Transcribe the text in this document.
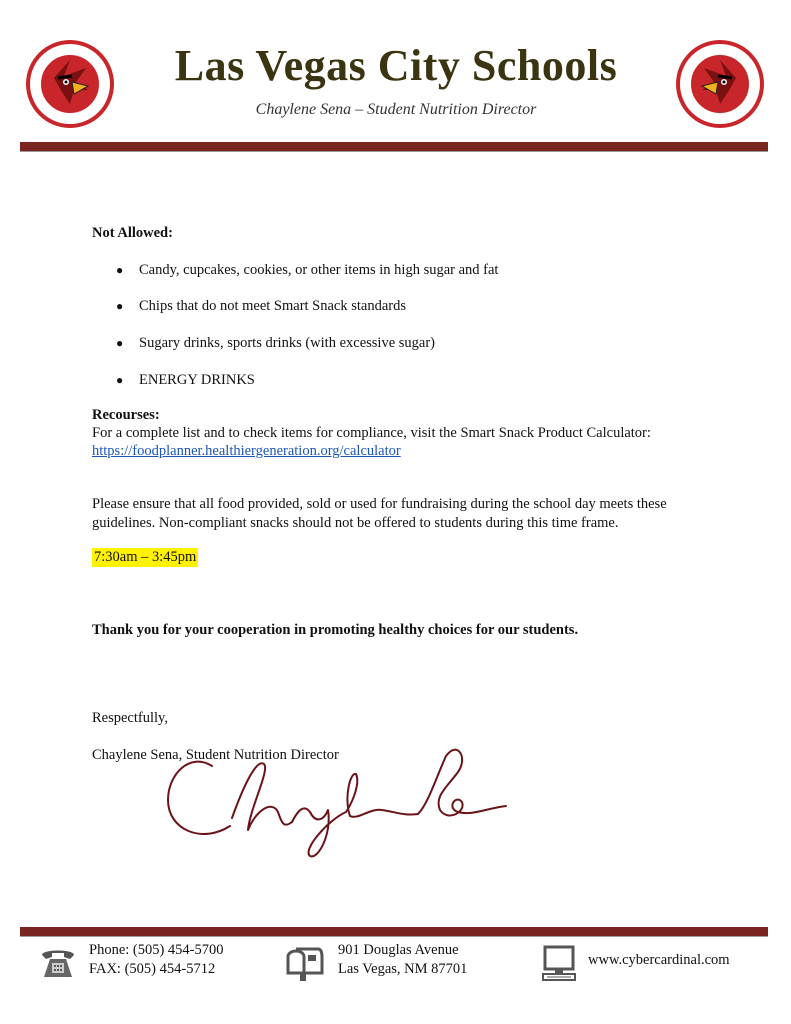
Las Vegas City Schools
Chaylene Sena – Student Nutrition Director
Not Allowed:
● Candy, cupcakes, cookies, or other items in high sugar and fat
● Chips that do not meet Smart Snack standards
● Sugary drinks, sports drinks (with excessive sugar)
● ENERGY DRINKS
Recourses:
For a complete list and to check items for compliance, visit the Smart Snack Product Calculator:
https://foodplanner.healthiergeneration.org/calculator
Please ensure that all food provided, sold or used for fundraising during the school day meets these guidelines. Non-compliant snacks should not be offered to students during this time frame.
7:30am – 3:45pm
Thank you for your cooperation in promoting healthy choices for our students.
Respectfully,
Chaylene Sena, Student Nutrition Director
Phone: (505) 454-5700
FAX: (505) 454-5712
901 Douglas Avenue
Las Vegas, NM 87701
www.cybercardinal.com
